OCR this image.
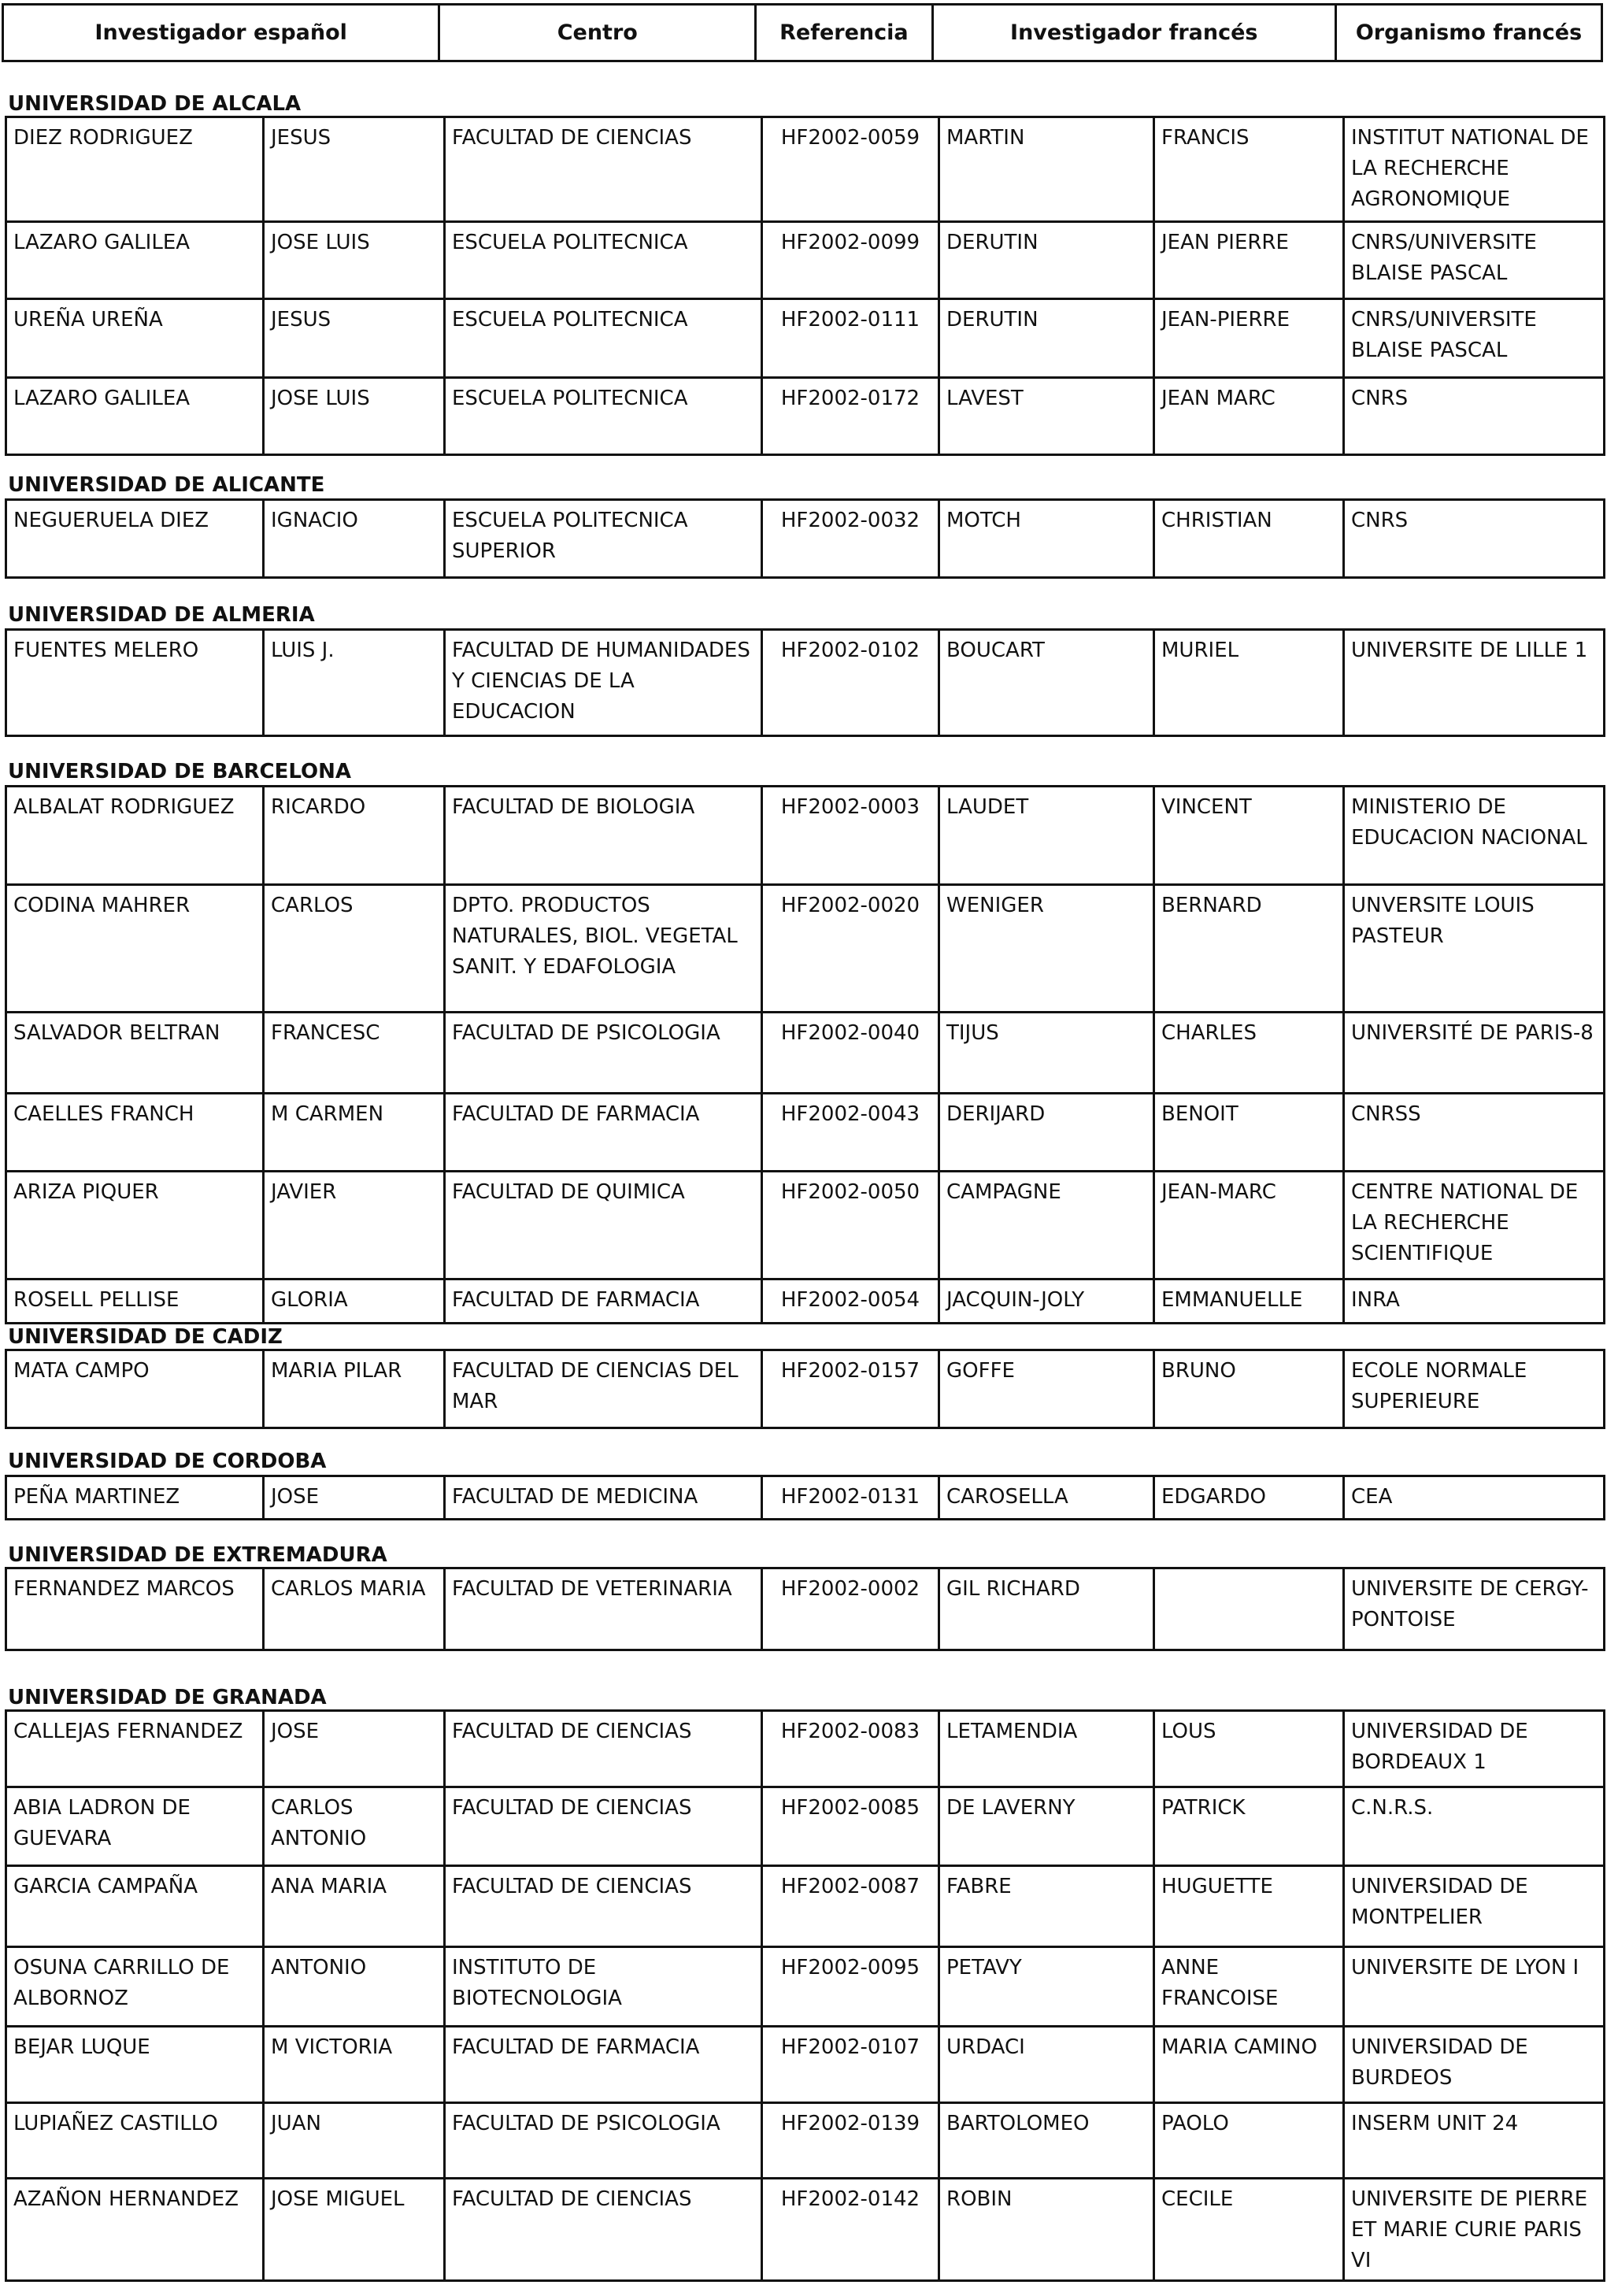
Investigador español	Centro	Referencia	Investigador francés	Organismo francés
UNIVERSIDAD DE ALCALA
DIEZ RODRIGUEZ	JESUS	FACULTAD DE CIENCIAS	HF2002-0059	MARTIN	FRANCIS	INSTITUT NATIONAL DE LA RECHERCHE AGRONOMIQUE
LAZARO GALILEA	JOSE LUIS	ESCUELA POLITECNICA	HF2002-0099	DERUTIN	JEAN PIERRE	CNRS/UNIVERSITE BLAISE PASCAL
UREÑA UREÑA	JESUS	ESCUELA POLITECNICA	HF2002-0111	DERUTIN	JEAN-PIERRE	CNRS/UNIVERSITE BLAISE PASCAL
LAZARO GALILEA	JOSE LUIS	ESCUELA POLITECNICA	HF2002-0172	LAVEST	JEAN MARC	CNRS
UNIVERSIDAD DE ALICANTE
NEGUERUELA DIEZ	IGNACIO	ESCUELA POLITECNICA SUPERIOR	HF2002-0032	MOTCH	CHRISTIAN	CNRS
UNIVERSIDAD DE ALMERIA
FUENTES MELERO	LUIS J.	FACULTAD DE HUMANIDADES Y CIENCIAS DE LA EDUCACION	HF2002-0102	BOUCART	MURIEL	UNIVERSITE DE LILLE 1
UNIVERSIDAD DE BARCELONA
ALBALAT RODRIGUEZ	RICARDO	FACULTAD DE BIOLOGIA	HF2002-0003	LAUDET	VINCENT	MINISTERIO DE EDUCACION NACIONAL
CODINA MAHRER	CARLOS	DPTO. PRODUCTOS NATURALES, BIOL. VEGETAL SANIT. Y EDAFOLOGIA	HF2002-0020	WENIGER	BERNARD	UNVERSITE LOUIS PASTEUR
SALVADOR BELTRAN	FRANCESC	FACULTAD DE PSICOLOGIA	HF2002-0040	TIJUS	CHARLES	UNIVERSITÉ DE PARIS-8
CAELLES FRANCH	M CARMEN	FACULTAD DE FARMACIA	HF2002-0043	DERIJARD	BENOIT	CNRSS
ARIZA PIQUER	JAVIER	FACULTAD DE QUIMICA	HF2002-0050	CAMPAGNE	JEAN-MARC	CENTRE NATIONAL DE LA RECHERCHE SCIENTIFIQUE
ROSELL PELLISE	GLORIA	FACULTAD DE FARMACIA	HF2002-0054	JACQUIN-JOLY	EMMANUELLE	INRA
UNIVERSIDAD DE CADIZ
MATA CAMPO	MARIA PILAR	FACULTAD DE CIENCIAS DEL MAR	HF2002-0157	GOFFE	BRUNO	ECOLE NORMALE SUPERIEURE
UNIVERSIDAD DE CORDOBA
PEÑA MARTINEZ	JOSE	FACULTAD DE MEDICINA	HF2002-0131	CAROSELLA	EDGARDO	CEA
UNIVERSIDAD DE EXTREMADURA
FERNANDEZ MARCOS	CARLOS MARIA	FACULTAD DE VETERINARIA	HF2002-0002	GIL RICHARD		UNIVERSITE DE CERGY-PONTOISE
UNIVERSIDAD DE GRANADA
CALLEJAS FERNANDEZ	JOSE	FACULTAD DE CIENCIAS	HF2002-0083	LETAMENDIA	LOUS	UNIVERSIDAD DE BORDEAUX 1
ABIA LADRON DE GUEVARA	CARLOS ANTONIO	FACULTAD DE CIENCIAS	HF2002-0085	DE LAVERNY	PATRICK	C.N.R.S.
GARCIA CAMPAÑA	ANA MARIA	FACULTAD DE CIENCIAS	HF2002-0087	FABRE	HUGUETTE	UNIVERSIDAD DE MONTPELIER
OSUNA CARRILLO DE ALBORNOZ	ANTONIO	INSTITUTO DE BIOTECNOLOGIA	HF2002-0095	PETAVY	ANNE FRANCOISE	UNIVERSITE DE LYON I
BEJAR LUQUE	M VICTORIA	FACULTAD DE FARMACIA	HF2002-0107	URDACI	MARIA CAMINO	UNIVERSIDAD DE BURDEOS
LUPIAÑEZ CASTILLO	JUAN	FACULTAD DE PSICOLOGIA	HF2002-0139	BARTOLOMEO	PAOLO	INSERM UNIT 24
AZAÑON HERNANDEZ	JOSE MIGUEL	FACULTAD DE CIENCIAS	HF2002-0142	ROBIN	CECILE	UNIVERSITE DE PIERRE ET MARIE CURIE PARIS VI
